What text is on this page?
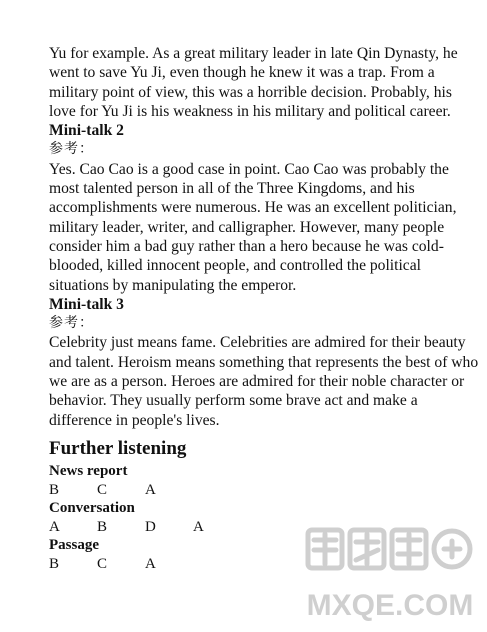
Yu for example. As a great military leader in late Qin Dynasty, he went to save Yu Ji, even though he knew it was a trap. From a military point of view, this was a horrible decision. Probably, his love for Yu Ji is his weakness in his military and political career.

Mini-talk 2

参考：

Yes. Cao Cao is a good case in point. Cao Cao was probably the most talented person in all of the Three Kingdoms, and his accomplishments were numerous. He was an excellent politician, military leader, writer, and calligrapher. However, many people consider him a bad guy rather than a hero because he was cold-blooded, killed innocent people, and controlled the political situations by manipulating the emperor.

Mini-talk 3

参考：

Celebrity just means fame. Celebrities are admired for their beauty and talent. Heroism means something that represents the best of who we are as a person. Heroes are admired for their noble character or behavior. They usually perform some brave act and make a difference in people's lives.

Further listening

News report

B	C	A

Conversation

A	B	D	A

Passage

B	C	A
MXQE.COM
